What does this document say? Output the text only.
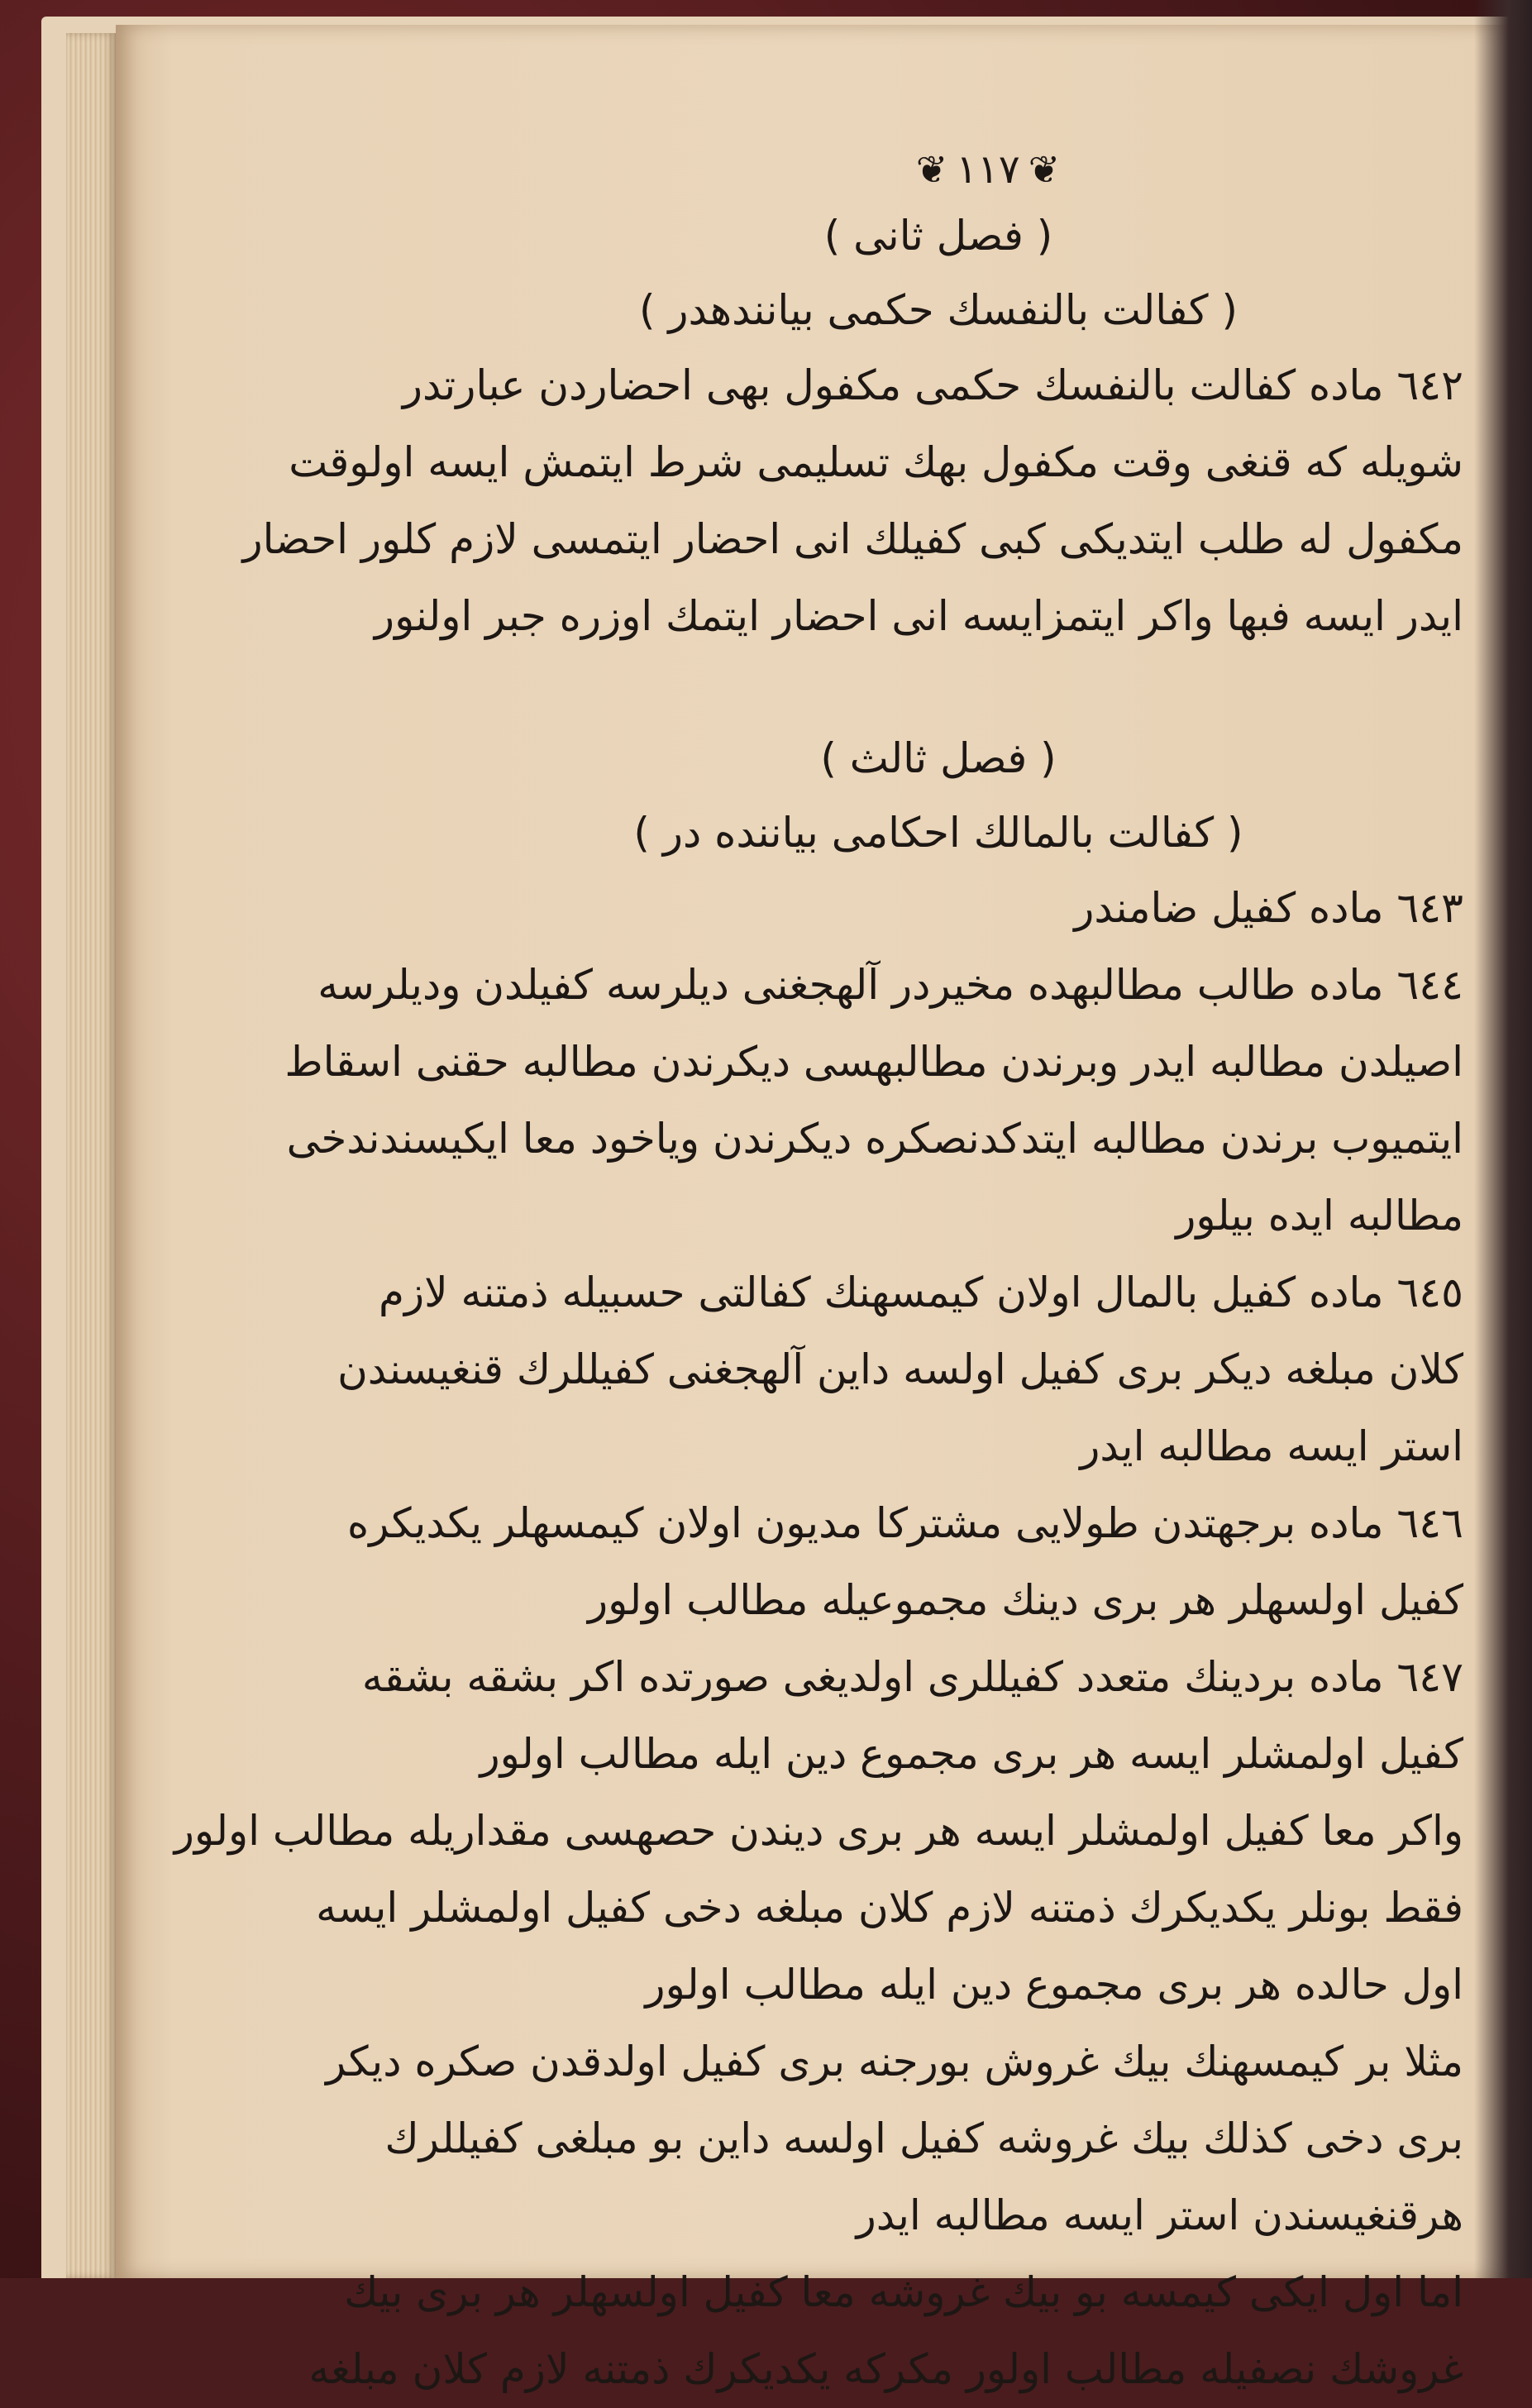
❦١١٧❦
( فصل ثانی )
( کفالت بالنفسك حکمی بیانندهدر )
٦٤٢ ماده کفالت بالنفسك حکمی مکفول بهی احضاردن عبارتدر
شویله که قنغی وقت مکفول بهك تسلیمی شرط ایتمش ایسه اولوقت
مکفول له طلب ایتدیکی کبی کفیلك انی احضار ایتمسی لازم کلور احضار
ایدر ایسه فبها واکر ایتمزایسه انی احضار ایتمك اوزره جبر اولنور
( فصل ثالث )
( کفالت بالمالك احکامی بیاننده در )
٦٤٣ ماده کفیل ضامندر
٦٤٤ ماده طالب مطالبهده مخیردر آلهجغنی دیلرسه کفیلدن ودیلرسه
اصیلدن مطالبه ایدر وبرندن مطالبهسی دیکرندن مطالبه حقنی اسقاط
ایتمیوب برندن مطالبه ایتدکدنصکره دیکرندن ویاخود معا ایکیسندندخی
مطالبه ایده بیلور
٦٤٥ ماده کفیل بالمال اولان کیمسهنك کفالتی حسبیله ذمتنه لازم
کلان مبلغه دیکر بری کفیل اولسه داین آلهجغنی کفیللرك قنغیسندن
استر ایسه مطالبه ایدر
٦٤٦ ماده برجهتدن طولایی مشترکا مدیون اولان کیمسهلر یکدیکره
کفیل اولسهلر هر بری دینك مجموعیله مطالب اولور
٦٤٧ ماده بردینك متعدد کفیللری اولدیغی صورتده اکر بشقه بشقه
کفیل اولمشلر ایسه هر بری مجموع دین ایله مطالب اولور
واکر معا کفیل اولمشلر ایسه هر بری دیندن حصهسی مقداریله مطالب اولور
فقط بونلر یکدیکرك ذمتنه لازم کلان مبلغه دخی کفیل اولمشلر ایسه
اول حالده هر بری مجموع دین ایله مطالب اولور
مثلا بر کیمسهنك بیك غروش بورجنه بری کفیل اولدقدن صکره دیکر
بری دخی کذلك بیك غروشه کفیل اولسه داین بو مبلغی کفیللرك
هرقنغیسندن استر ایسه مطالبه ایدر
اما اول ایکی کیمسه بو بیك غروشه معا کفیل اولسهلر هر بری بیك
غروشك نصفیله مطالب اولور مکرکه یکدیکرك ذمتنه لازم کلان مبلغه
